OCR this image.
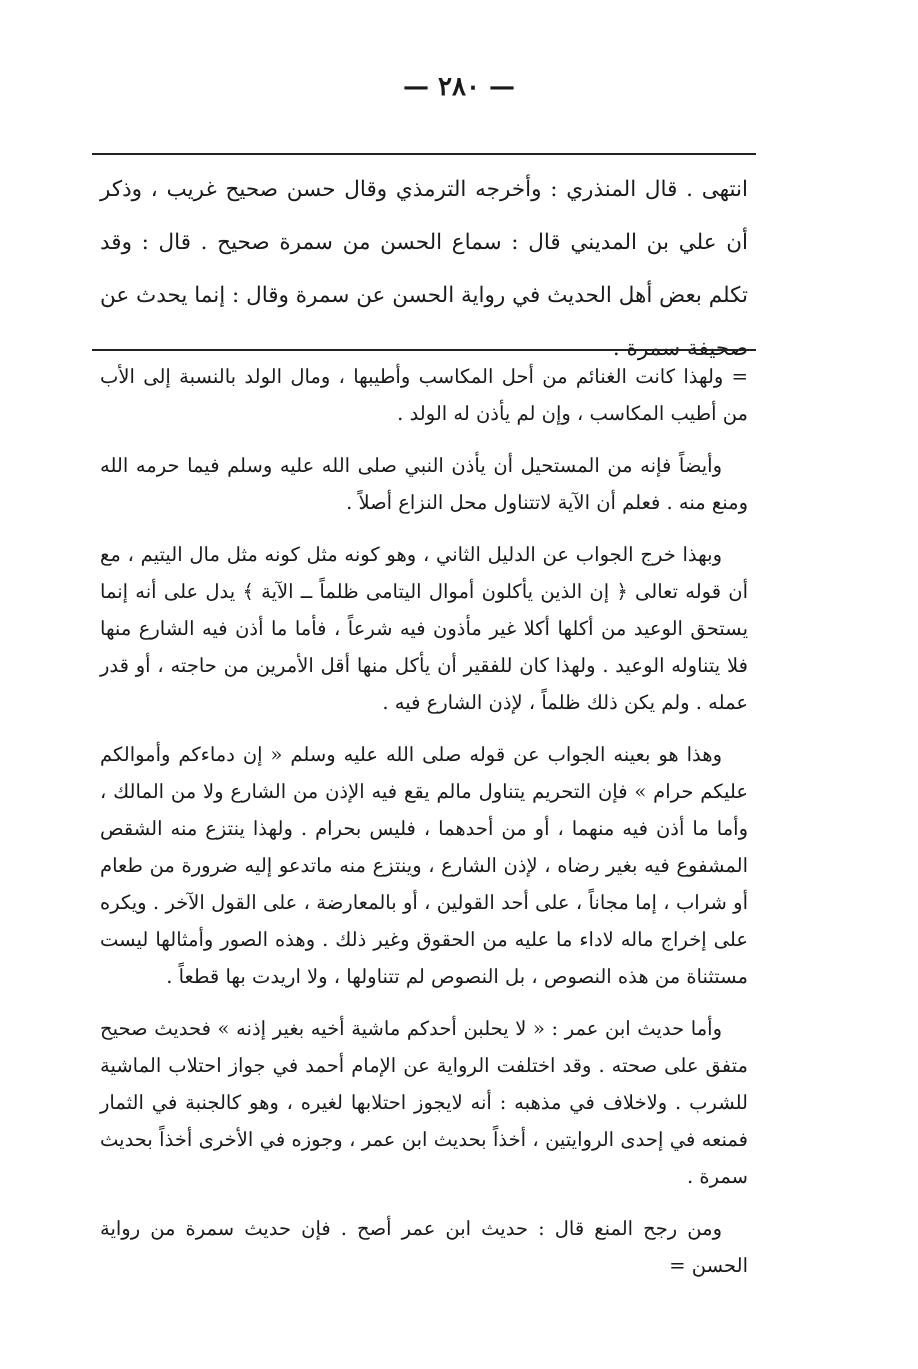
— ٢٨٠ —

انتهى . قال المنذري : وأخرجه الترمذي وقال حسن صحيح غريب ، وذكر أن علي بن المديني قال : سماع الحسن من سمرة صحيح . قال : وقد تكلم بعض أهل الحديث في رواية الحسن عن سمرة وقال : إنما يحدث عن صحيفة سمرة .

= ولهذا كانت الغنائم من أحل المكاسب وأطيبها ، ومال الولد بالنسبة إلى الأب من أطيب المكاسب ، وإن لم يأذن له الولد .

وأيضاً فإنه من المستحيل أن يأذن النبي صلى الله عليه وسلم فيما حرمه الله ومنع منه . فعلم أن الآية لاتتناول محل النزاع أصلاً .

وبهذا خرج الجواب عن الدليل الثاني ، وهو كونه مثل كونه مثل مال اليتيم ، مع أن قوله تعالى ﴿ إن الذين يأكلون أموال اليتامى ظلماً ــ الآية ﴾ يدل على أنه إنما يستحق الوعيد من أكلها أكلا غير مأذون فيه شرعاً ، فأما ما أذن فيه الشارع منها فلا يتناوله الوعيد . ولهذا كان للفقير أن يأكل منها أقل الأمرين من حاجته ، أو قدر عمله . ولم يكن ذلك ظلماً ، لإذن الشارع فيه .

وهذا هو بعينه الجواب عن قوله صلى الله عليه وسلم « إن دماءكم وأموالكم عليكم حرام » فإن التحريم يتناول مالم يقع فيه الإذن من الشارع ولا من المالك ، وأما ما أذن فيه منهما ، أو من أحدهما ، فليس بحرام . ولهذا ينتزع منه الشقص المشفوع فيه بغير رضاه ، لإذن الشارع ، وينتزع منه ماتدعو إليه ضرورة من طعام أو شراب ، إما مجاناً ، على أحد القولين ، أو بالمعارضة ، على القول الآخر . ويكره على إخراج ماله لاداء ما عليه من الحقوق وغير ذلك . وهذه الصور وأمثالها ليست مستثناة من هذه النصوص ، بل النصوص لم تتناولها ، ولا اريدت بها قطعاً .

وأما حديث ابن عمر : « لا يحلبن أحدكم ماشية أخيه بغير إذنه » فحديث صحيح متفق على صحته . وقد اختلفت الرواية عن الإمام أحمد في جواز احتلاب الماشية للشرب . ولاخلاف في مذهبه : أنه لايجوز احتلابها لغيره ، وهو كالجنبة في الثمار فمنعه في إحدى الروايتين ، أخذاً بحديث ابن عمر ، وجوزه في الأخرى أخذاً بحديث سمرة .

ومن رجح المنع قال : حديث ابن عمر أصح . فإن حديث سمرة من رواية الحسن =
